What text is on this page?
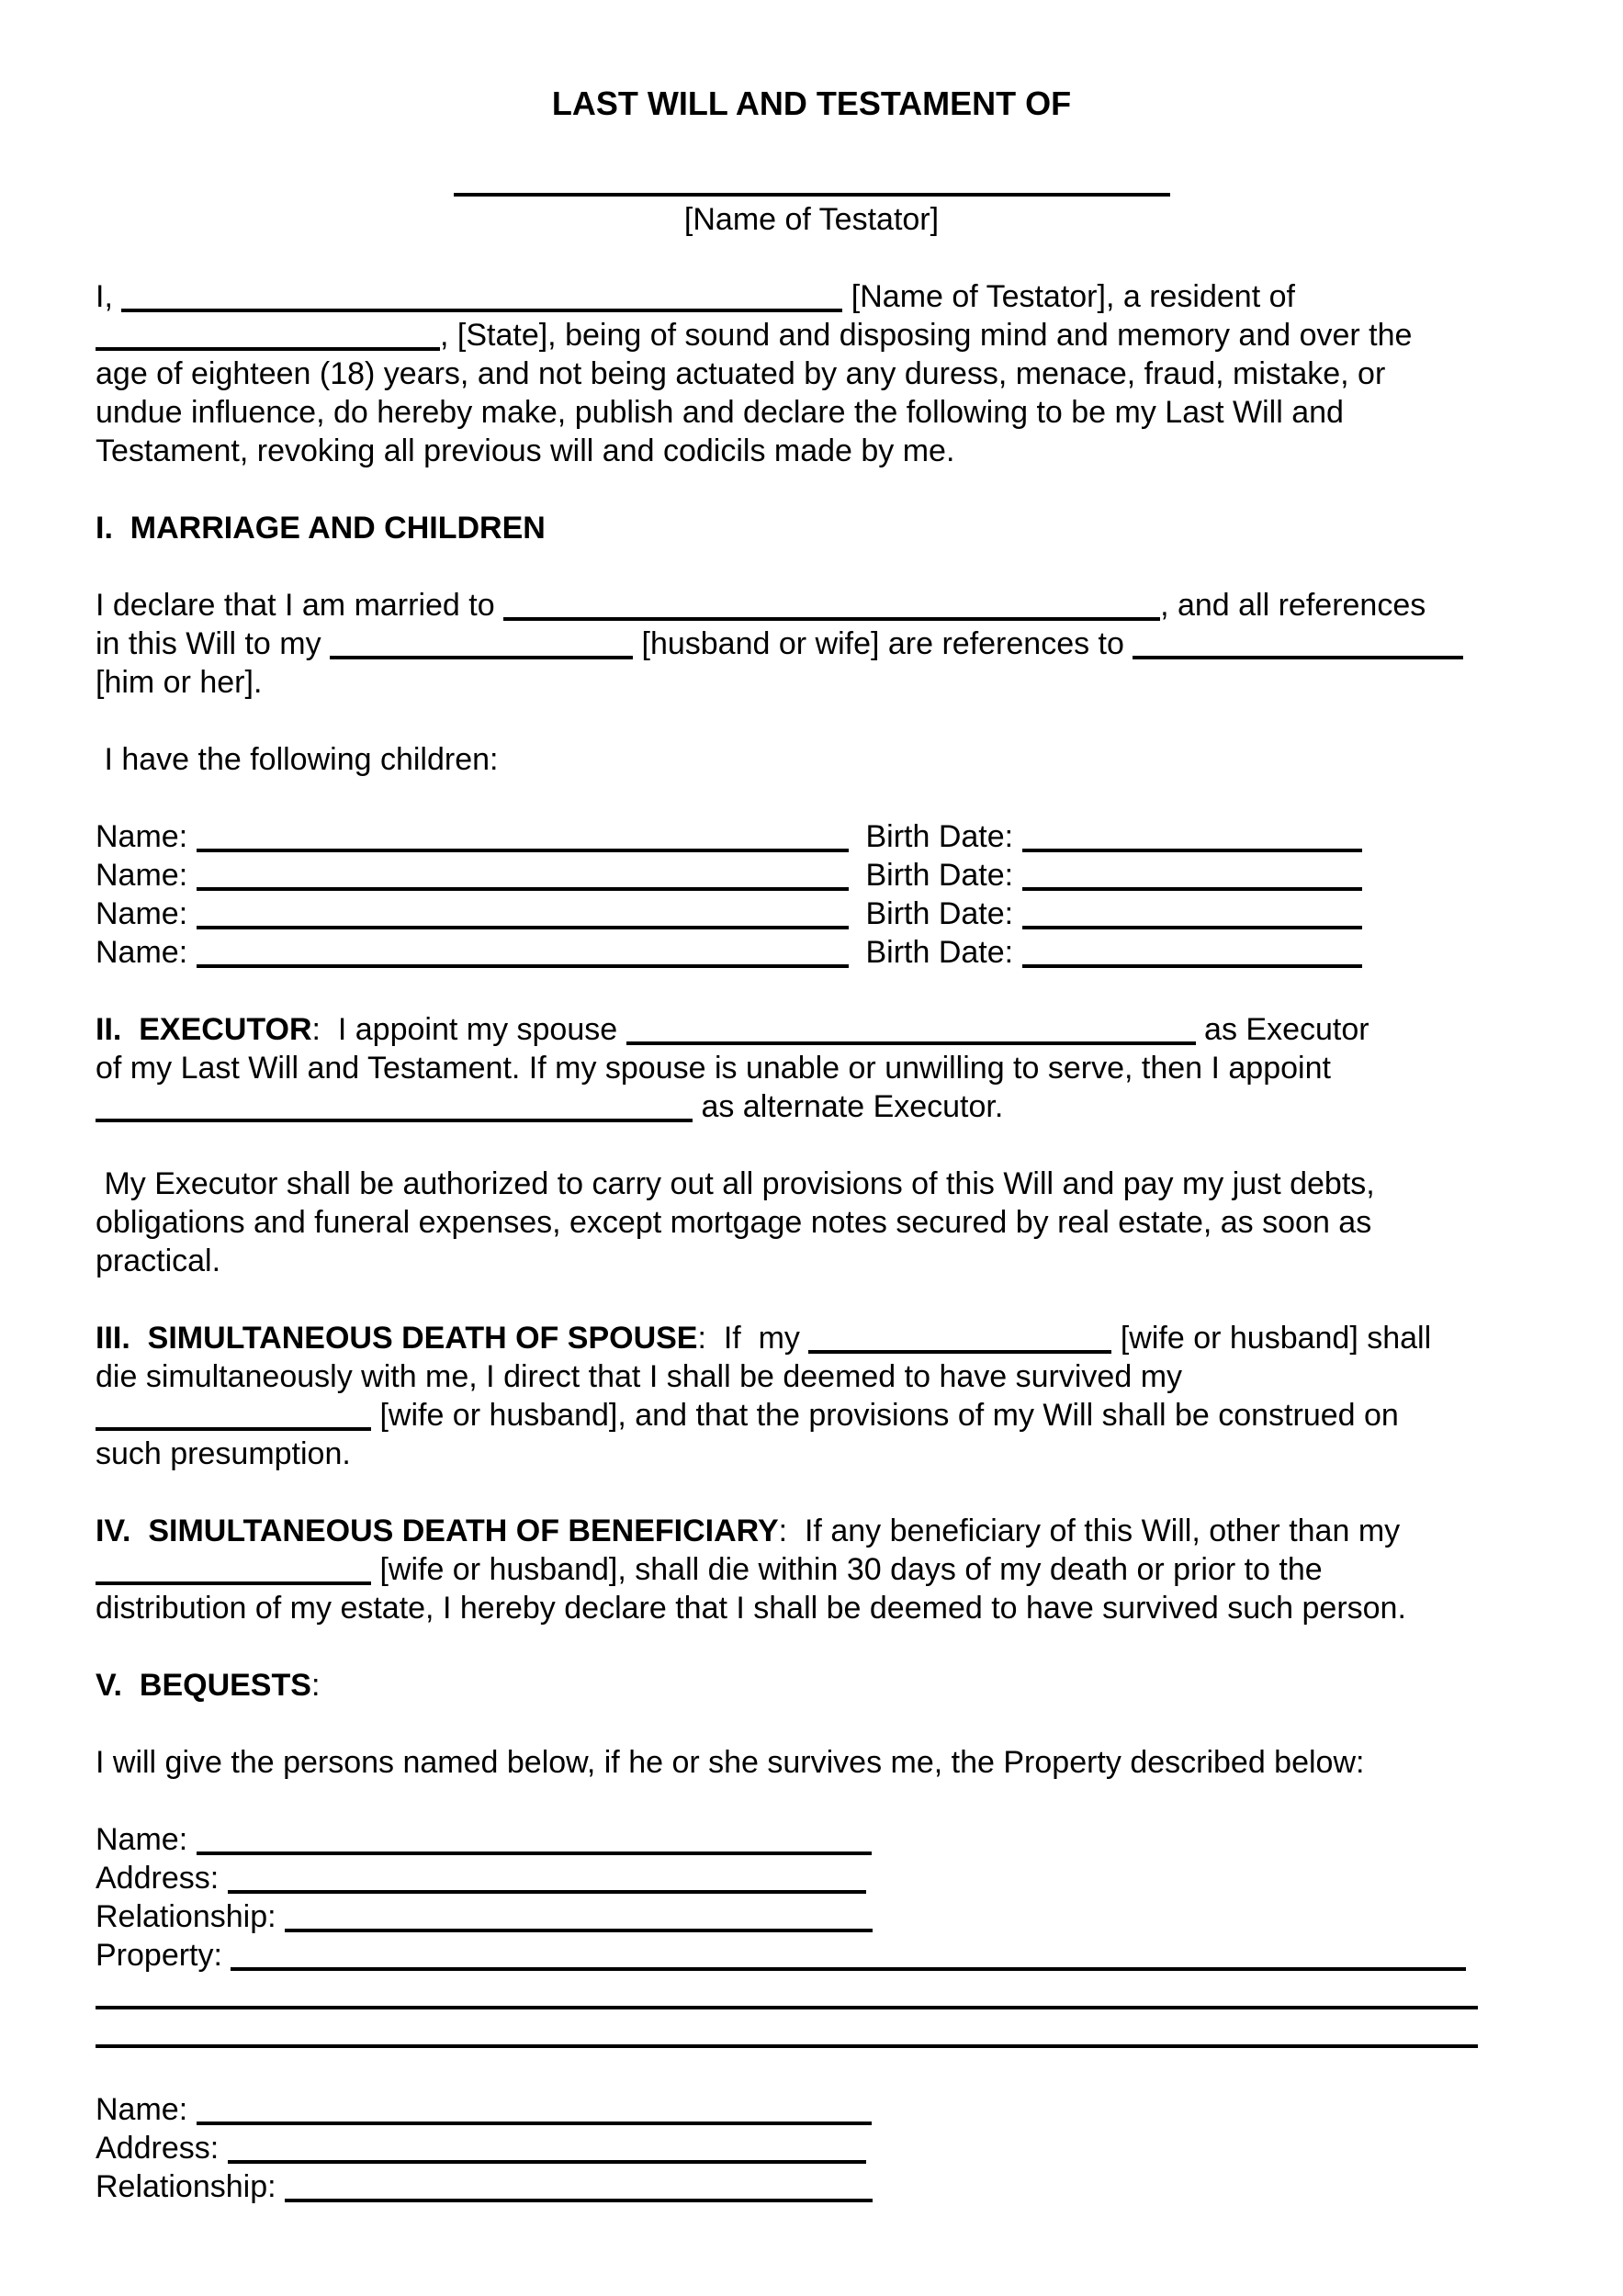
LAST WILL AND TESTAMENT OF
[Name of Testator]
I,	[Name of Testator], a resident of
, [State], being of sound and disposing mind and memory and over the
age of eighteen (18) years, and not being actuated by any duress, menace, fraud, mistake, or
undue influence, do hereby make, publish and declare the following to be my Last Will and
Testament, revoking all previous will and codicils made by me.
I.  MARRIAGE AND CHILDREN
I declare that I am married to	, and all references
in this Will to my	[husband or wife] are references to
[him or her].
I have the following children:
Name:	Birth Date:
Name:	Birth Date:
Name:	Birth Date:
Name:	Birth Date:
II.  EXECUTOR:  I appoint my spouse	as Executor
of my Last Will and Testament. If my spouse is unable or unwilling to serve, then I appoint
as alternate Executor.
My Executor shall be authorized to carry out all provisions of this Will and pay my just debts,
obligations and funeral expenses, except mortgage notes secured by real estate, as soon as
practical.
III.  SIMULTANEOUS DEATH OF SPOUSE:  If  my	[wife or husband] shall
die simultaneously with me, I direct that I shall be deemed to have survived my
[wife or husband], and that the provisions of my Will shall be construed on
such presumption.
IV.  SIMULTANEOUS DEATH OF BENEFICIARY:  If any beneficiary of this Will, other than my
[wife or husband], shall die within 30 days of my death or prior to the
distribution of my estate, I hereby declare that I shall be deemed to have survived such person.
V.  BEQUESTS:
I will give the persons named below, if he or she survives me, the Property described below:
Name:
Address:
Relationship:
Property:
Name:
Address:
Relationship:
